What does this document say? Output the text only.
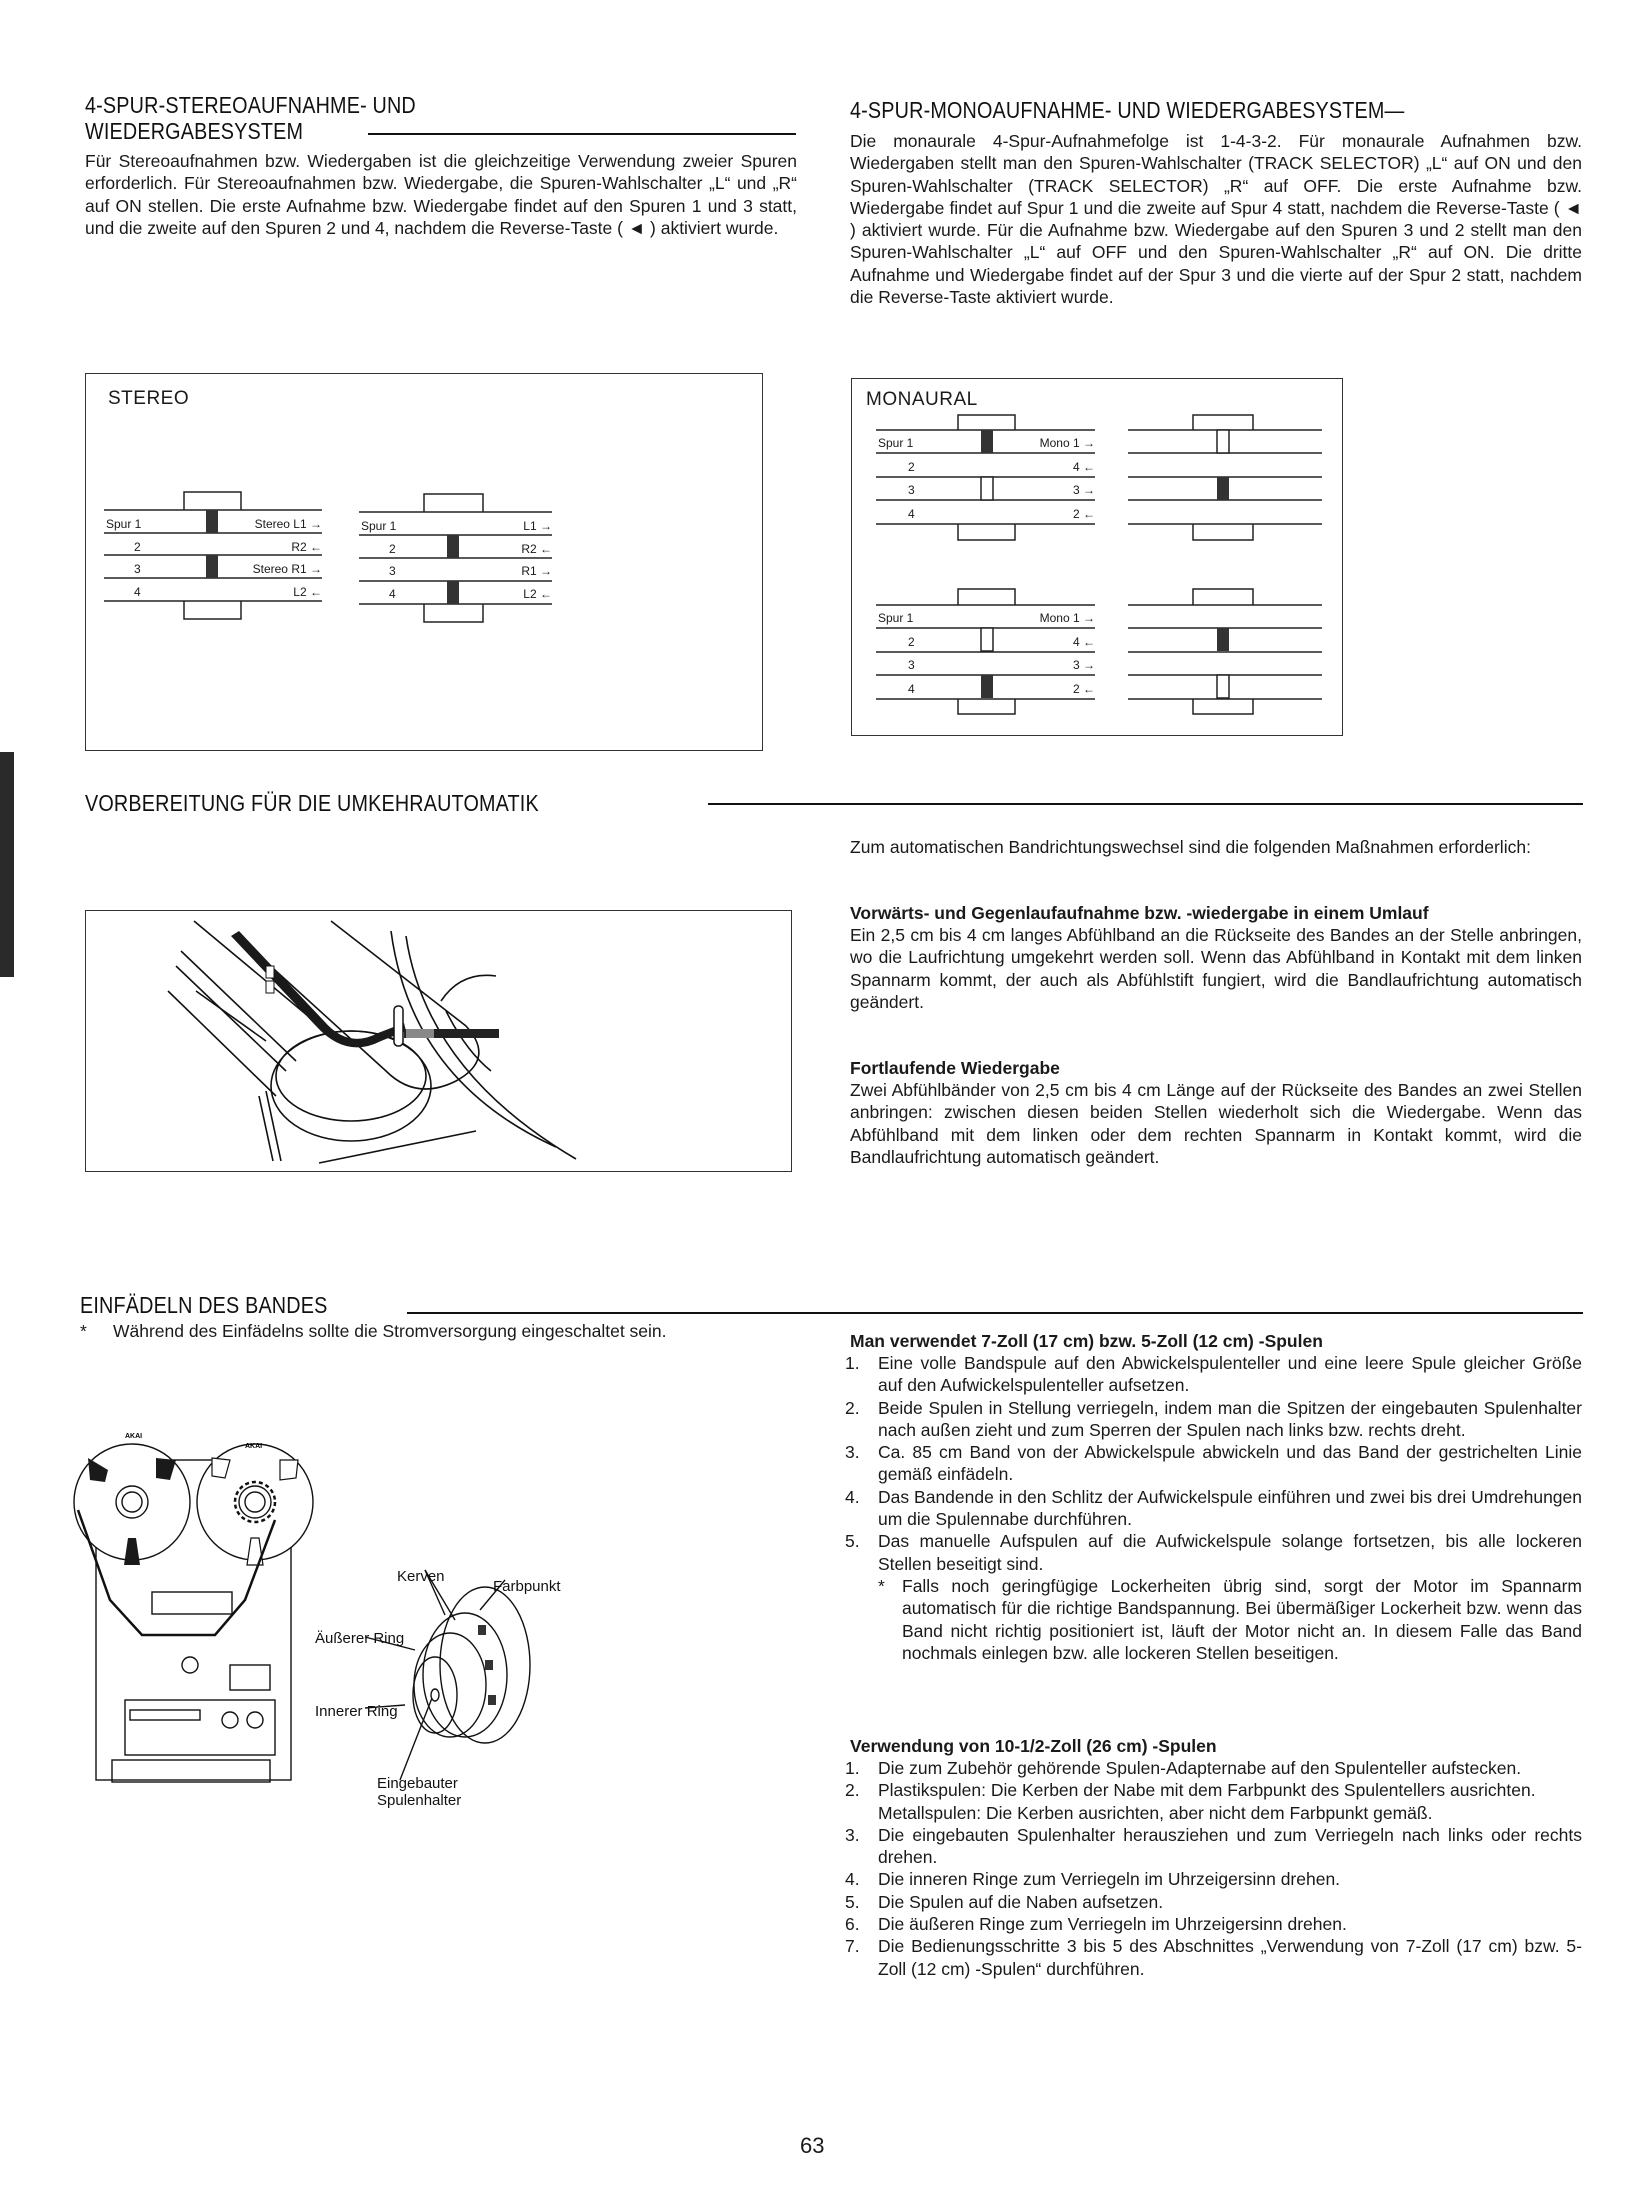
4-SPUR-STEREOAUFNAHME- UND
WIEDERGABESYSTEM
Für Stereoaufnahmen bzw. Wiedergaben ist die gleichzeitige Verwendung zweier Spuren erforderlich. Für Stereoaufnahmen bzw. Wiedergabe, die Spuren-Wahlschalter „L“ und „R“ auf ON stellen. Die erste Aufnahme bzw. Wiedergabe findet auf den Spuren 1 und 3 statt, und die zweite auf den Spuren 2 und 4, nachdem die Reverse-Taste ( ◄ ) aktiviert wurde.
4-SPUR-MONOAUFNAHME- UND WIEDERGABESYSTEM—
Die monaurale 4-Spur-Aufnahmefolge ist 1-4-3-2. Für monaurale Aufnahmen bzw. Wiedergaben stellt man den Spuren-Wahlschalter (TRACK SELECTOR) „L“ auf ON und den Spuren-Wahlschalter (TRACK SELECTOR) „R“ auf OFF. Die erste Aufnahme bzw. Wiedergabe findet auf Spur 1 und die zweite auf Spur 4 statt, nachdem die Reverse-Taste ( ◄ ) aktiviert wurde. Für die Aufnahme bzw. Wiedergabe auf den Spuren 3 und 2 stellt man den Spuren-Wahlschalter „L“ auf OFF und den Spuren-Wahlschalter „R“ auf ON. Die dritte Aufnahme und Wiedergabe findet auf der Spur 3 und die vierte auf der Spur 2 statt, nachdem die Reverse-Taste aktiviert wurde.
STEREO
Spur 1
2
3
4
Stereo L1 →
R2 ←
Stereo R1 →
L2 ←
Spur 1
2
3
4
L1 →
R2 ←
R1 →
L2 ←
MONAURAL
Spur 1
2
3
4
Mono 1 →
4 ←
3 →
2 ←
Spur 1
2
3
4
Mono 1 →
4 ←
3 →
2 ←
VORBEREITUNG FÜR DIE UMKEHRAUTOMATIK
Zum automatischen Bandrichtungswechsel sind die folgenden Maßnahmen erforderlich:
Vorwärts- und Gegenlaufaufnahme bzw. -wiedergabe in einem Umlauf
Ein 2,5 cm bis 4 cm langes Abfühlband an die Rückseite des Bandes an der Stelle anbringen, wo die Laufrichtung umgekehrt werden soll. Wenn das Abfühlband in Kontakt mit dem linken Spannarm kommt, der auch als Abfühlstift fungiert, wird die Bandlaufrichtung automatisch geändert.
Fortlaufende Wiedergabe
Zwei Abfühlbänder von 2,5 cm bis 4 cm Länge auf der Rückseite des Bandes an zwei Stellen anbringen: zwischen diesen beiden Stellen wiederholt sich die Wiedergabe. Wenn das Abfühlband mit dem linken oder dem rechten Spannarm in Kontakt kommt, wird die Bandlaufrichtung automatisch geändert.
EINFÄDELN DES BANDES
*	Während des Einfädelns sollte die Stromversorgung eingeschaltet sein.
AKAI
AKAI
Kerven
Farbpunkt
Äußerer Ring
Innerer Ring
Eingebauter
Spulenhalter
Man verwendet 7-Zoll (17 cm) bzw. 5-Zoll (12 cm) -Spulen
1. Eine volle Bandspule auf den Abwickelspulenteller und eine leere Spule gleicher Größe auf den Aufwickelspulenteller aufsetzen.
2. Beide Spulen in Stellung verriegeln, indem man die Spitzen der eingebauten Spulenhalter nach außen zieht und zum Sperren der Spulen nach links bzw. rechts dreht.
3. Ca. 85 cm Band von der Abwickelspule abwickeln und das Band der gestrichelten Linie gemäß einfädeln.
4. Das Bandende in den Schlitz der Aufwickelspule einführen und zwei bis drei Umdrehungen um die Spulennabe durchführen.
5. Das manuelle Aufspulen auf die Aufwickelspule solange fortsetzen, bis alle lockeren Stellen beseitigt sind.
* Falls noch geringfügige Lockerheiten übrig sind, sorgt der Motor im Spannarm automatisch für die richtige Bandspannung. Bei übermäßiger Lockerheit bzw. wenn das Band nicht richtig positioniert ist, läuft der Motor nicht an. In diesem Falle das Band nochmals einlegen bzw. alle lockeren Stellen beseitigen.
Verwendung von 10-1/2-Zoll (26 cm) -Spulen
1. Die zum Zubehör gehörende Spulen-Adapternabe auf den Spulenteller aufstecken.
2. Plastikspulen: Die Kerben der Nabe mit dem Farbpunkt des Spulentellers ausrichten.
Metallspulen: Die Kerben ausrichten, aber nicht dem Farbpunkt gemäß.
3. Die eingebauten Spulenhalter herausziehen und zum Verriegeln nach links oder rechts drehen.
4. Die inneren Ringe zum Verriegeln im Uhrzeigersinn drehen.
5. Die Spulen auf die Naben aufsetzen.
6. Die äußeren Ringe zum Verriegeln im Uhrzeigersinn drehen.
7. Die Bedienungsschritte 3 bis 5 des Abschnittes „Verwendung von 7-Zoll (17 cm) bzw. 5-Zoll (12 cm) -Spulen“ durchführen.
63
